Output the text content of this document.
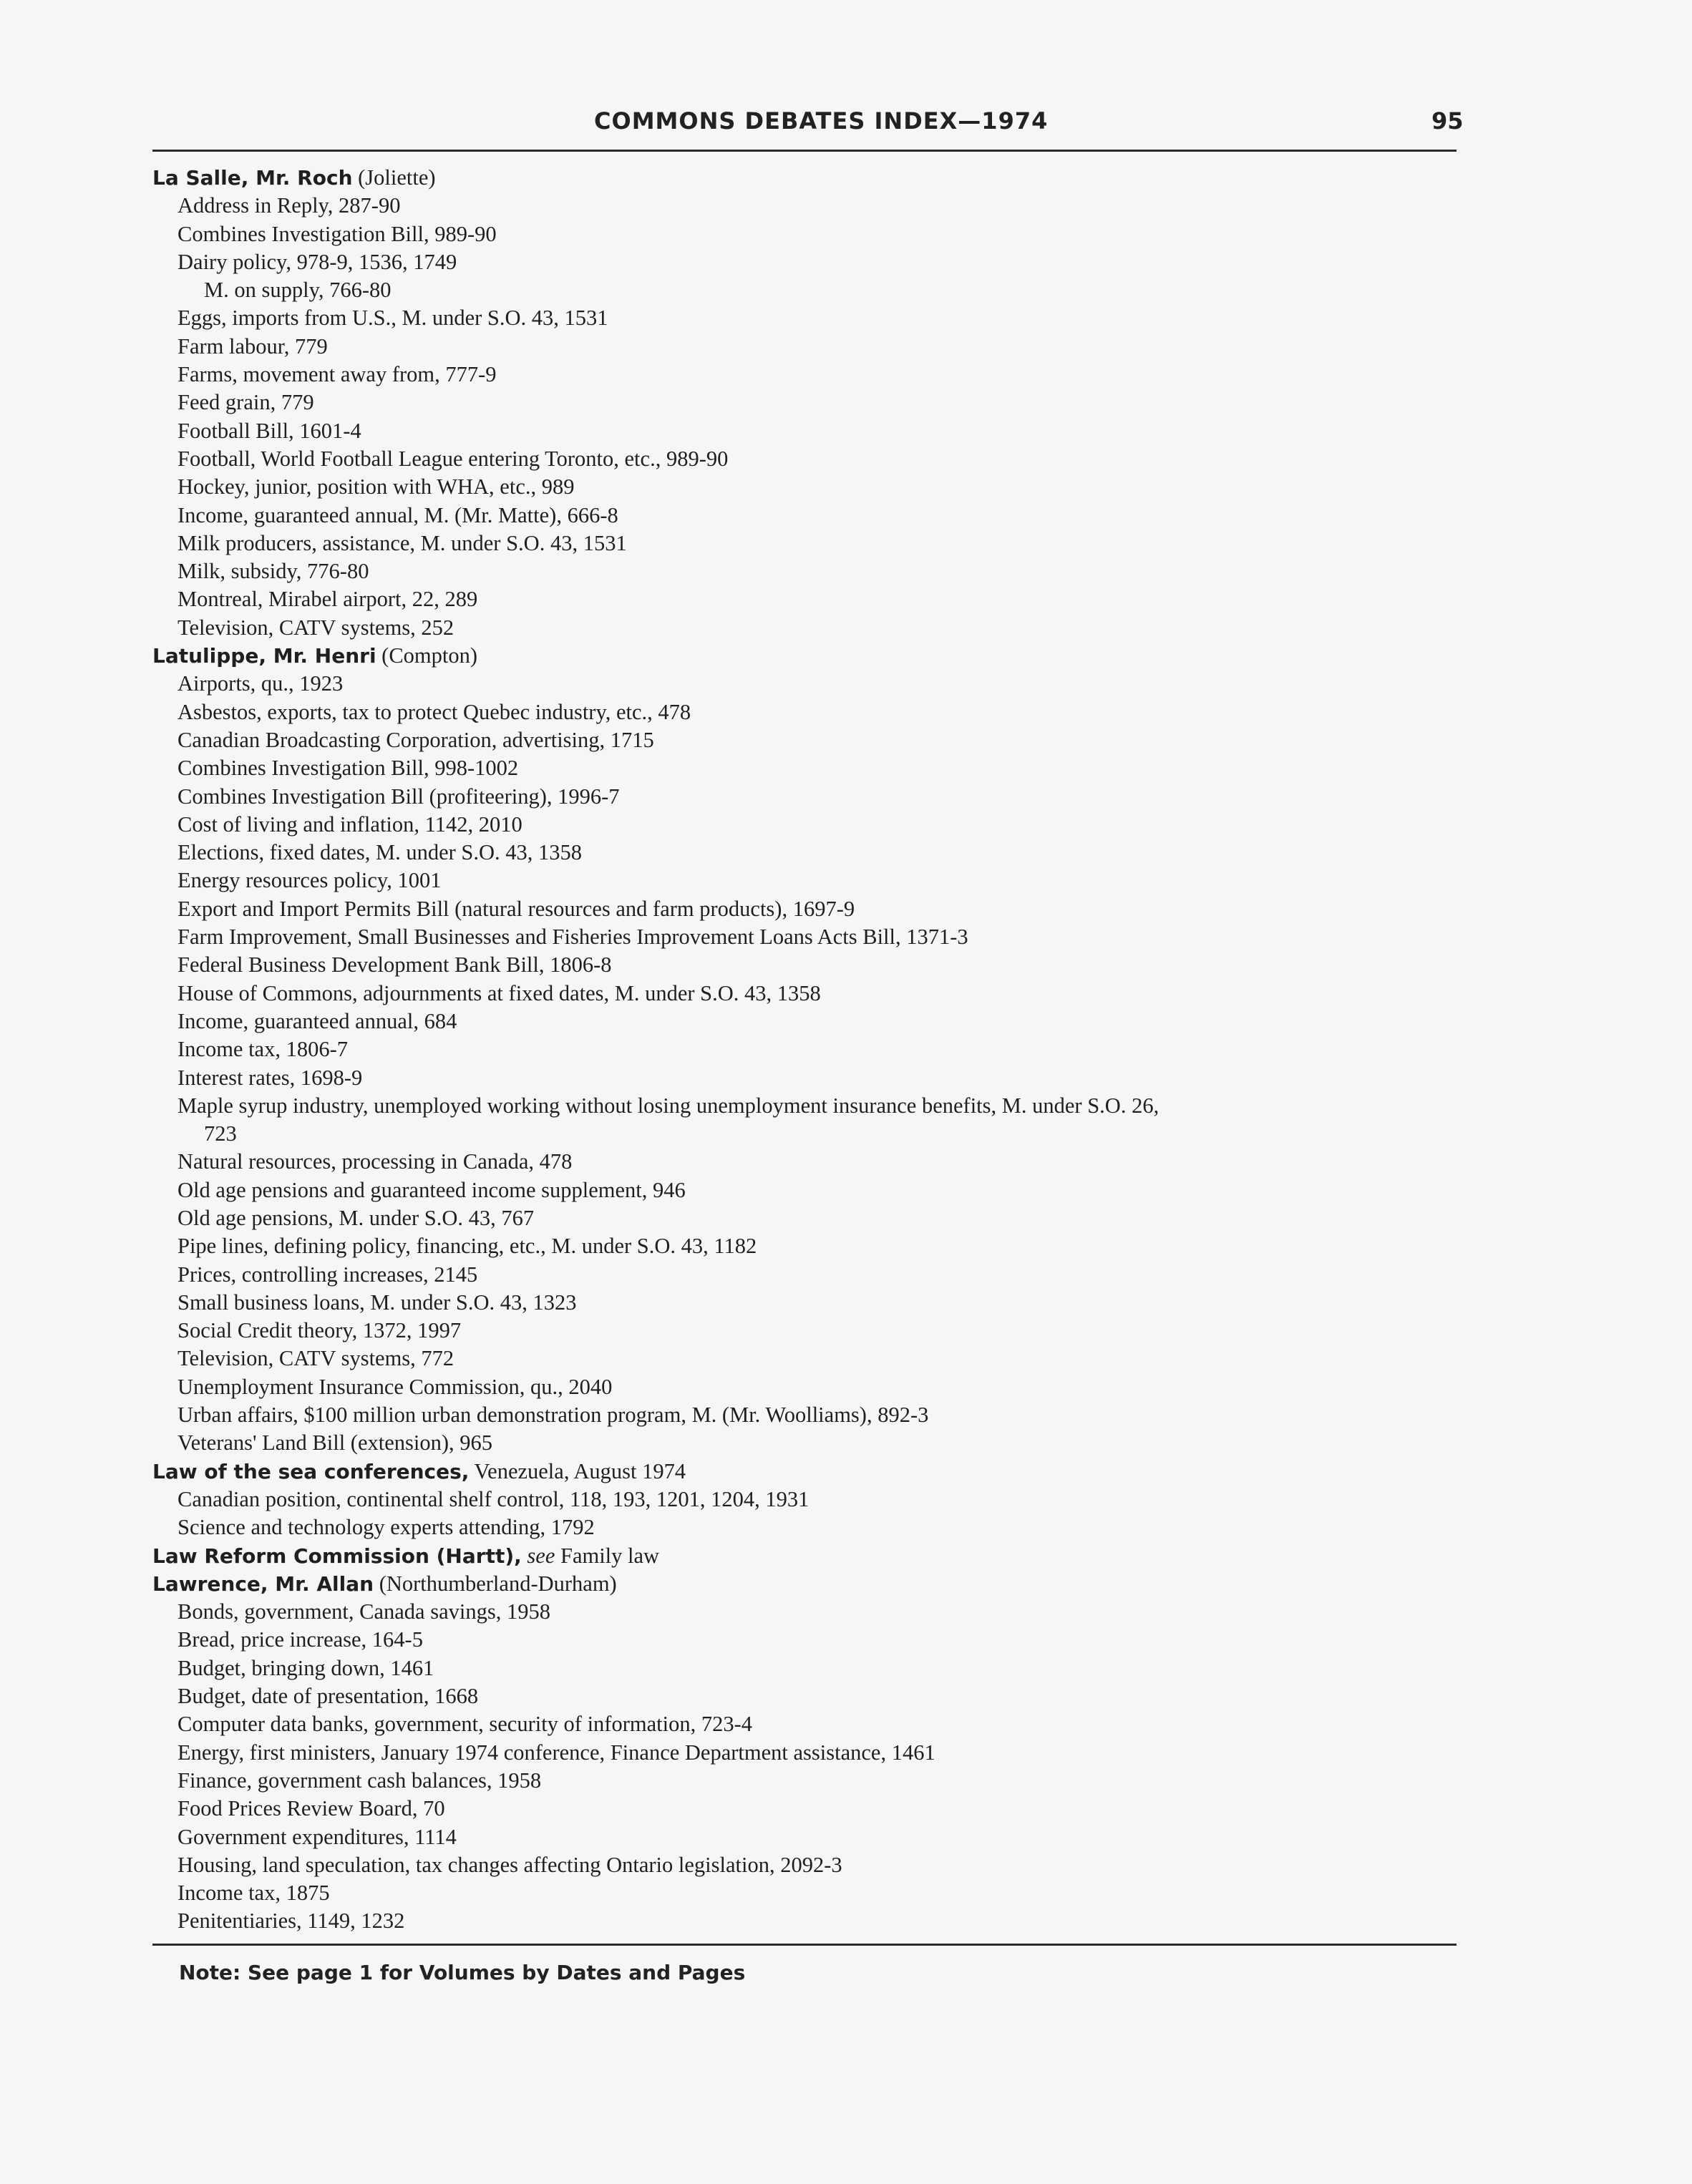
COMMONS DEBATES INDEX—1974	95
La Salle, Mr. Roch (Joliette)
Address in Reply, 287-90
Combines Investigation Bill, 989-90
Dairy policy, 978-9, 1536, 1749
M. on supply, 766-80
Eggs, imports from U.S., M. under S.O. 43, 1531
Farm labour, 779
Farms, movement away from, 777-9
Feed grain, 779
Football Bill, 1601-4
Football, World Football League entering Toronto, etc., 989-90
Hockey, junior, position with WHA, etc., 989
Income, guaranteed annual, M. (Mr. Matte), 666-8
Milk producers, assistance, M. under S.O. 43, 1531
Milk, subsidy, 776-80
Montreal, Mirabel airport, 22, 289
Television, CATV systems, 252
Latulippe, Mr. Henri (Compton)
Airports, qu., 1923
Asbestos, exports, tax to protect Quebec industry, etc., 478
Canadian Broadcasting Corporation, advertising, 1715
Combines Investigation Bill, 998-1002
Combines Investigation Bill (profiteering), 1996-7
Cost of living and inflation, 1142, 2010
Elections, fixed dates, M. under S.O. 43, 1358
Energy resources policy, 1001
Export and Import Permits Bill (natural resources and farm products), 1697-9
Farm Improvement, Small Businesses and Fisheries Improvement Loans Acts Bill, 1371-3
Federal Business Development Bank Bill, 1806-8
House of Commons, adjournments at fixed dates, M. under S.O. 43, 1358
Income, guaranteed annual, 684
Income tax, 1806-7
Interest rates, 1698-9
Maple syrup industry, unemployed working without losing unemployment insurance benefits, M. under S.O. 26,
723
Natural resources, processing in Canada, 478
Old age pensions and guaranteed income supplement, 946
Old age pensions, M. under S.O. 43, 767
Pipe lines, defining policy, financing, etc., M. under S.O. 43, 1182
Prices, controlling increases, 2145
Small business loans, M. under S.O. 43, 1323
Social Credit theory, 1372, 1997
Television, CATV systems, 772
Unemployment Insurance Commission, qu., 2040
Urban affairs, $100 million urban demonstration program, M. (Mr. Woolliams), 892-3
Veterans' Land Bill (extension), 965
Law of the sea conferences, Venezuela, August 1974
Canadian position, continental shelf control, 118, 193, 1201, 1204, 1931
Science and technology experts attending, 1792
Law Reform Commission (Hartt), see Family law
Lawrence, Mr. Allan (Northumberland-Durham)
Bonds, government, Canada savings, 1958
Bread, price increase, 164-5
Budget, bringing down, 1461
Budget, date of presentation, 1668
Computer data banks, government, security of information, 723-4
Energy, first ministers, January 1974 conference, Finance Department assistance, 1461
Finance, government cash balances, 1958
Food Prices Review Board, 70
Government expenditures, 1114
Housing, land speculation, tax changes affecting Ontario legislation, 2092-3
Income tax, 1875
Penitentiaries, 1149, 1232
Note: See page 1 for Volumes by Dates and Pages
